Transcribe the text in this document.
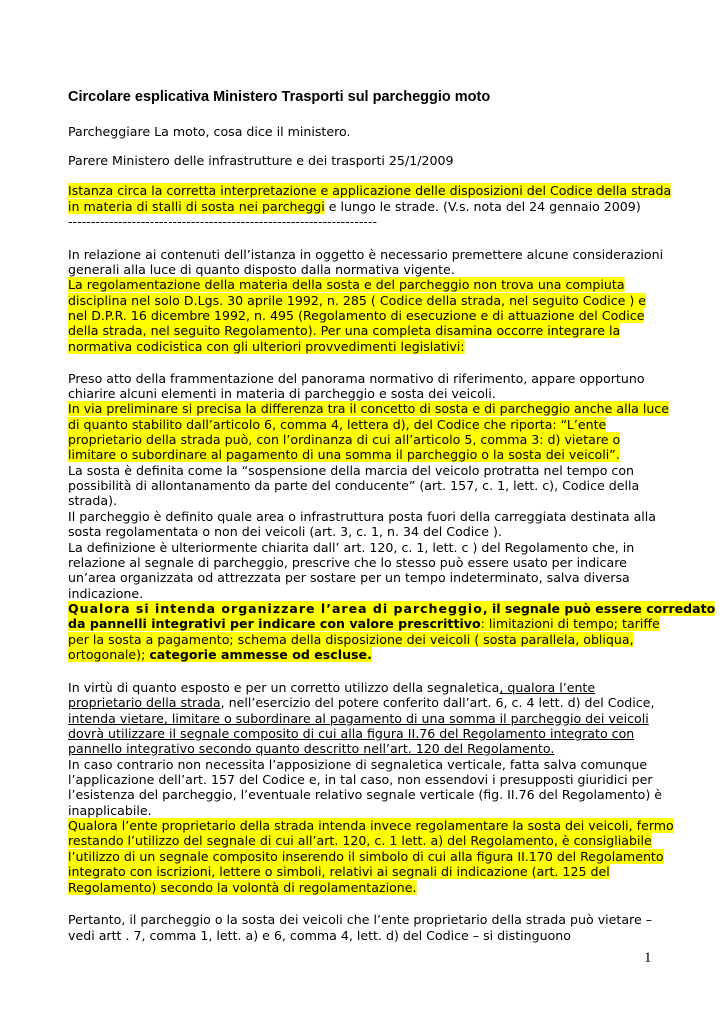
Circolare esplicativa Ministero Trasporti sul parcheggio moto
Parcheggiare La moto, cosa dice il ministero.
Parere Ministero delle infrastrutture e dei trasporti 25/1/2009
Istanza circa la corretta interpretazione e applicazione delle disposizioni del Codice della strada
in materia di stalli di sosta nei parcheggi e lungo le strade. (V.s. nota del 24 gennaio 2009)
--------------------------------------------------------------------
In relazione ai contenuti dell’istanza in oggetto è necessario premettere alcune considerazioni
generali alla luce di quanto disposto dalla normativa vigente.
La regolamentazione della materia della sosta e del parcheggio non trova una compiuta
disciplina nel solo D.Lgs. 30 aprile 1992, n. 285 ( Codice della strada, nel seguito Codice ) e
nel D.P.R. 16 dicembre 1992, n. 495 (Regolamento di esecuzione e di attuazione del Codice
della strada, nel seguito Regolamento). Per una completa disamina occorre integrare la
normativa codicistica con gli ulteriori provvedimenti legislativi:
Preso atto della frammentazione del panorama normativo di riferimento, appare opportuno
chiarire alcuni elementi in materia di parcheggio e sosta dei veicoli.
In via preliminare si precisa la differenza tra il concetto di sosta e di parcheggio anche alla luce
di quanto stabilito dall’articolo 6, comma 4, lettera d), del Codice che riporta: “L’ente
proprietario della strada può, con l’ordinanza di cui all’articolo 5, comma 3: d) vietare o
limitare o subordinare al pagamento di una somma il parcheggio o la sosta dei veicoli”.
La sosta è definita come la “sospensione della marcia del veicolo protratta nel tempo con
possibilità di allontanamento da parte del conducente” (art. 157, c. 1, lett. c), Codice della
strada).
Il parcheggio è definito quale area o infrastruttura posta fuori della carreggiata destinata alla
sosta regolamentata o non dei veicoli (art. 3, c. 1, n. 34 del Codice ).
La definizione è ulteriormente chiarita dall’ art. 120, c. 1, lett. c ) del Regolamento che, in
relazione al segnale di parcheggio, prescrive che lo stesso può essere usato per indicare
un’area organizzata od attrezzata per sostare per un tempo indeterminato, salva diversa
indicazione.
Qualora si intenda organizzare l’area di parcheggio, il segnale può essere corredato
da pannelli integrativi per indicare con valore prescrittivo: limitazioni di tempo; tariffe
per la sosta a pagamento; schema della disposizione dei veicoli ( sosta parallela, obliqua,
ortogonale); categorie ammesse od escluse.
In virtù di quanto esposto e per un corretto utilizzo della segnaletica, qualora l’ente
proprietario della strada, nell’esercizio del potere conferito dall’art. 6, c. 4 lett. d) del Codice,
intenda vietare, limitare o subordinare al pagamento di una somma il parcheggio dei veicoli
dovrà utilizzare il segnale composito di cui alla figura II.76 del Regolamento integrato con
pannello integrativo secondo quanto descritto nell’art. 120 del Regolamento.
In caso contrario non necessita l’apposizione di segnaletica verticale, fatta salva comunque
l’applicazione dell’art. 157 del Codice e, in tal caso, non essendovi i presupposti giuridici per
l’esistenza del parcheggio, l’eventuale relativo segnale verticale (fig. II.76 del Regolamento) è
inapplicabile.
Qualora l’ente proprietario della strada intenda invece regolamentare la sosta dei veicoli, fermo
restando l’utilizzo del segnale di cui all’art. 120, c. 1 lett. a) del Regolamento, è consigliabile
l’utilizzo di un segnale composito inserendo il simbolo di cui alla figura II.170 del Regolamento
integrato con iscrizioni, lettere o simboli, relativi ai segnali di indicazione (art. 125 del
Regolamento) secondo la volontà di regolamentazione.
Pertanto, il parcheggio o la sosta dei veicoli che l’ente proprietario della strada può vietare –
vedi artt . 7, comma 1, lett. a) e 6, comma 4, lett. d) del Codice – si distinguono
1
